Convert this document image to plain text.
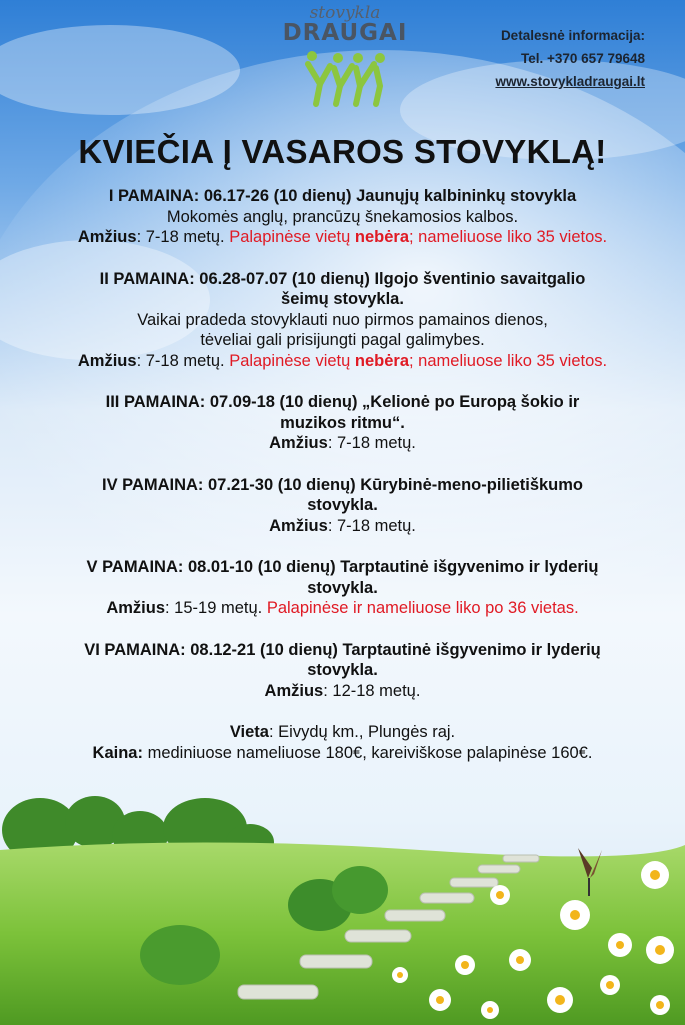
stovykla
DRAUGAI	Detalesnė informacija:
Tel. +370 657 79648
www.stovykladraugai.lt
KVIEČIA Į VASAROS STOVYKLĄ!
I PAMAINA: 06.17-26 (10 dienų) Jaunųjų kalbininkų stovykla
Mokomės anglų, prancūzų šnekamosios kalbos.
Amžius: 7-18 metų. Palapinėse vietų nebėra; nameliuose liko 35 vietos.
II PAMAINA: 06.28-07.07 (10 dienų) Ilgojo šventinio savaitgalio
šeimų stovykla.
Vaikai pradeda stovyklauti nuo pirmos pamainos dienos,
tėveliai gali prisijungti pagal galimybes.
Amžius: 7-18 metų. Palapinėse vietų nebėra; nameliuose liko 35 vietos.
III PAMAINA: 07.09-18 (10 dienų) „Kelionė po Europą šokio ir
muzikos ritmu“.
Amžius: 7-18 metų.
IV PAMAINA: 07.21-30 (10 dienų) Kūrybinė-meno-pilietiškumo
stovykla.
Amžius: 7-18 metų.
V PAMAINA: 08.01-10 (10 dienų) Tarptautinė išgyvenimo ir lyderių
stovykla.
Amžius: 15-19 metų. Palapinėse ir nameliuose liko po 36 vietas.
VI PAMAINA: 08.12-21 (10 dienų) Tarptautinė išgyvenimo ir lyderių
stovykla.
Amžius: 12-18 metų.
Vieta: Eivydų km., Plungės raj.
Kaina: mediniuose nameliuose 180€, kareiviškose palapinėse 160€.
